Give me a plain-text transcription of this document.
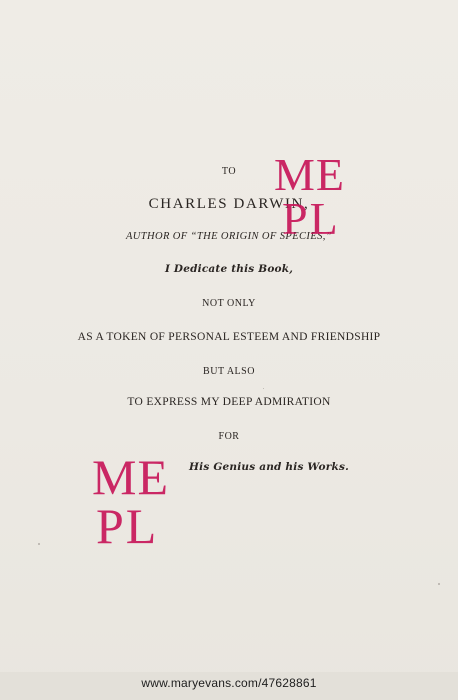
TO
CHARLES DARWIN,
AUTHOR OF “THE ORIGIN OF SPECIES,”
I Dedicate this Book,
NOT ONLY
AS A TOKEN OF PERSONAL ESTEEM AND FRIENDSHIP
BUT ALSO
TO EXPRESS MY DEEP ADMIRATION
FOR
His Genius and his Works.
ME
PL
ME
PL
www.maryevans.com/47628861
